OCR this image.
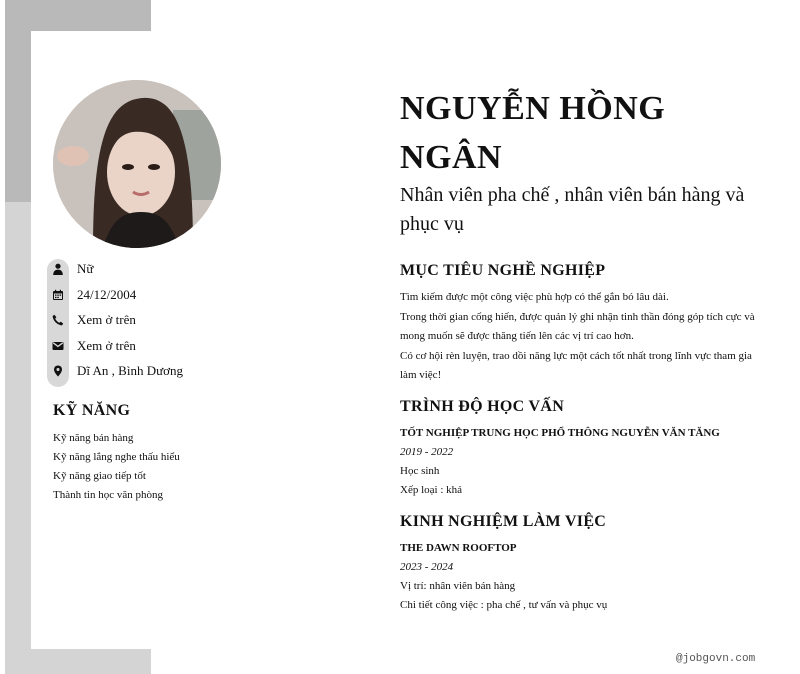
Nữ
24/12/2004
Xem ở trên
Xem ở trên
Dĩ An , Bình Dương
KỸ NĂNG
Kỹ năng bán hàng
Kỹ năng lắng nghe thấu hiểu
Kỹ năng giao tiếp tốt
Thành tin học văn phòng
NGUYỄN HỒNG NGÂN
Nhân viên pha chế , nhân viên bán hàng và phục vụ
MỤC TIÊU NGHỀ NGHIỆP

Tìm kiếm được một công việc phù hợp có thể gắn bó lâu dài.

Trong thời gian cống hiến, được quản lý ghi nhận tinh thần đóng góp tích cực và mong muốn sẽ được thăng tiến lên các vị trí cao hơn.

Có cơ hội rèn luyện, trao dồi năng lực một cách tốt nhất trong lĩnh vực tham gia làm việc!

TRÌNH ĐỘ HỌC VẤN
TỐT NGHIỆP TRUNG HỌC PHỔ THÔNG NGUYỄN VĂN TĂNG
2019 - 2022
Học sinh
Xếp loại : khá
KINH NGHIỆM LÀM VIỆC
THE DAWN ROOFTOP
2023 - 2024
Vị trí: nhân viên bán hàng
Chi tiết công việc : pha chế , tư vấn và phục vụ
@jobgovn.com
